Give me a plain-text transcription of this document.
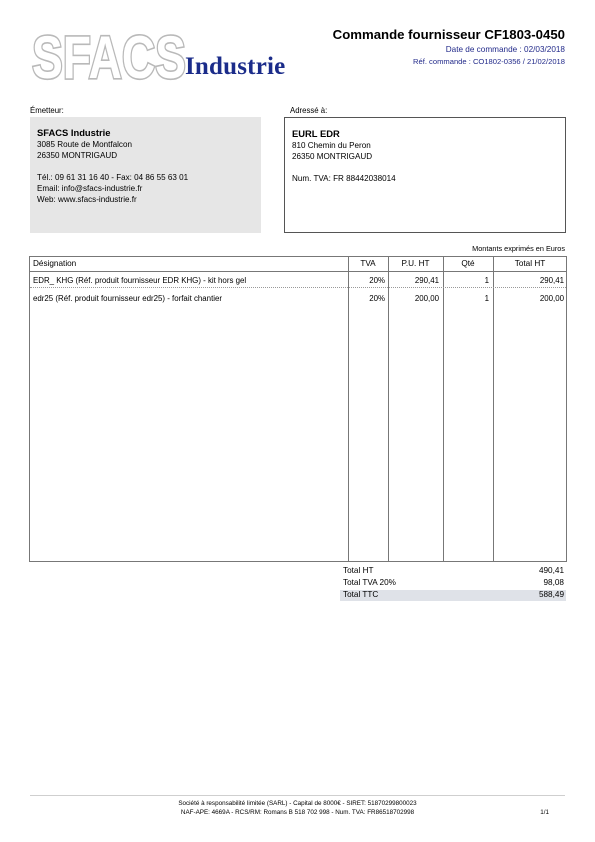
SFACS Industrie
Commande fournisseur CF1803-0450
Date de commande : 02/03/2018
Réf. commande : CO1802-0356 / 21/02/2018
Émetteur:	Adressé à:
SFACS Industrie
3085 Route de Montfalcon
26350 MONTRIGAUD
Tél.: 09 61 31 16 40 - Fax: 04 86 55 63 01
Email: info@sfacs-industrie.fr
Web: www.sfacs-industrie.fr
EURL EDR
810 Chemin du Peron
26350 MONTRIGAUD
Num. TVA: FR 88442038014
Montants exprimés en Euros
Désignation	TVA	P.U. HT	Qté	Total HT
EDR_ KHG (Réf. produit fournisseur EDR KHG) - kit hors gel	20%	290,41	1	290,41
edr25 (Réf. produit fournisseur edr25) - forfait chantier	20%	200,00	1	200,00
Total HT	490,41
Total TVA 20%	98,08
Total TTC	588,49
Société à responsabilité limitée (SARL) - Capital de 8000€ - SIRET: 51870299800023
NAF-APE: 4669A - RCS/RM: Romans B 518 702 998 - Num. TVA: FR86518702998	1/1
